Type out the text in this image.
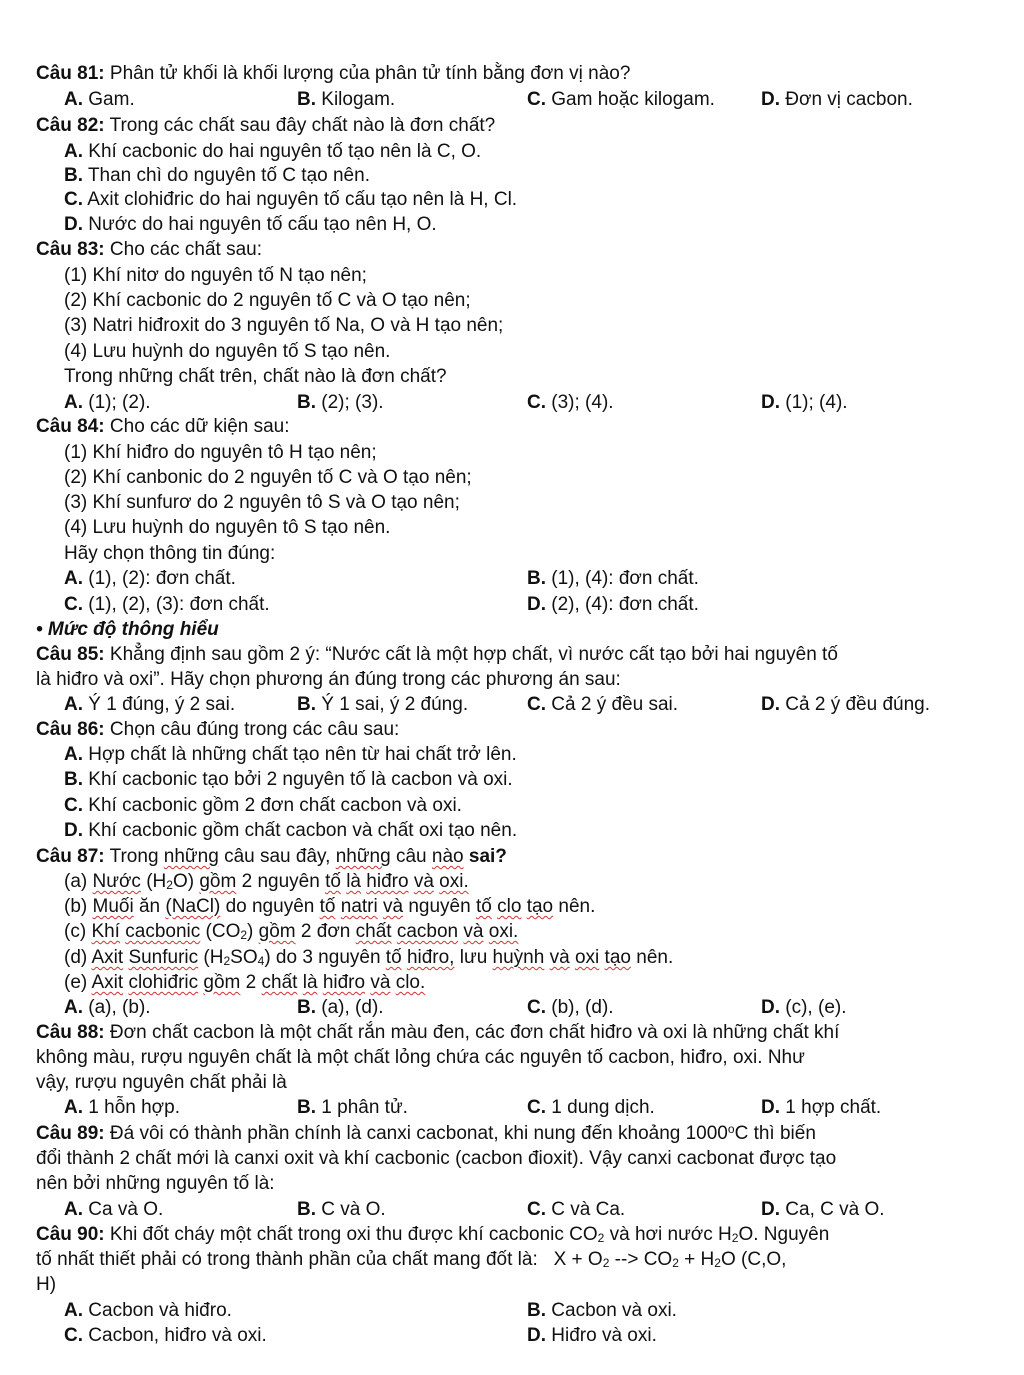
Câu 81: Phân tử khối là khối lượng của phân tử tính bằng đơn vị nào?
A. Gam.	B. Kilogam.	C. Gam hoặc kilogam. D. Đơn vị cacbon.
Câu 82: Trong các chất sau đây chất nào là đơn chất?
A. Khí cacbonic do hai nguyên tố tạo nên là C, O.
B. Than chì do nguyên tố C tạo nên.
C. Axit clohiđric do hai nguyên tố cấu tạo nên là H, Cl.
D. Nước do hai nguyên tố cấu tạo nên H, O.
Câu 83: Cho các chất sau:
(1) Khí nitơ do nguyên tố N tạo nên;
(2) Khí cacbonic do 2 nguyên tố C và O tạo nên;
(3) Natri hiđroxit do 3 nguyên tố Na, O và H tạo nên;
(4) Lưu huỳnh do nguyên tố S tạo nên.
Trong những chất trên, chất nào là đơn chất?
A. (1); (2).	B. (2); (3).	C. (3); (4).	D. (1); (4).
Câu 84: Cho các dữ kiện sau:
(1) Khí hiđro do nguyên tô H tạo nên;
(2) Khí canbonic do 2 nguyên tố C và O tạo nên;
(3) Khí sunfurơ do 2 nguyên tô S và O tạo nên;
(4) Lưu huỳnh do nguyên tô S tạo nên.
Hãy chọn thông tin đúng:
A. (1), (2): đơn chất.	B. (1), (4): đơn chất.
C. (1), (2), (3): đơn chất.	D. (2), (4): đơn chất.
• Mức độ thông hiểu
Câu 85: Khẳng định sau gồm 2 ý: “Nước cất là một hợp chất, vì nước cất tạo bởi hai nguyên tố
là hiđro và oxi”. Hãy chọn phương án đúng trong các phương án sau:
A. Ý 1 đúng, ý 2 sai.	B. Ý 1 sai, ý 2 đúng.	C. Cả 2 ý đều sai.	D. Cả 2 ý đều đúng.
Câu 86: Chọn câu đúng trong các câu sau:
A. Hợp chất là những chất tạo nên từ hai chất trở lên.
B. Khí cacbonic tạo bởi 2 nguyên tố là cacbon và oxi.
C. Khí cacbonic gồm 2 đơn chất cacbon và oxi.
D. Khí cacbonic gồm chất cacbon và chất oxi tạo nên.
Câu 87: Trong những câu sau đây, những câu nào sai?
(a) Nước $(H_2O)$ gồm 2 nguyên tố là hiđro và oxi.
(b) Muối ăn (NaCl) do nguyên tố natri và nguyên tố clo tạo nên.
(c) Khí cacbonic $(CO_2)$ gồm 2 đơn chất cacbon và oxi.
(d) Axit Sunfuric $(H_2SO_4)$ do 3 nguyên tố hiđro, lưu huỳnh và oxi tạo nên.
(e) Axit clohiđric gồm 2 chất là hiđro và clo.
A. (a), (b).	B. (a), (d).	C. (b), (d).	D. (c), (e).
Câu 88: Đơn chất cacbon là một chất rắn màu đen, các đơn chất hiđro và oxi là những chất khí
không màu, rượu nguyên chất là một chất lỏng chứa các nguyên tố cacbon, hiđro, oxi. Như
vậy, rượu nguyên chất phải là
A. 1 hỗn hợp.	B. 1 phân tử.	C. 1 dung dịch.	D. 1 hợp chất.
Câu 89: Đá vôi có thành phần chính là canxi cacbonat, khi nung đến khoảng 1000$^o$C thì biến
đổi thành 2 chất mới là canxi oxit và khí cacbonic (cacbon đioxit). Vậy canxi cacbonat được tạo
nên bởi những nguyên tố là:
A. Ca và O.	B. C và O.	C. C và Ca.	D. Ca, C và O.
Câu 90: Khi đốt cháy một chất trong oxi thu được khí cacbonic $CO_2$ và hơi nước $H_2O$. Nguyên
tố nhất thiết phải có trong thành phần của chất mang đốt là: $X + O_2$ --> $CO_2 + H_2O$ (C,O,
H)
A. Cacbon và hiđro.	B. Cacbon và oxi.
C. Cacbon, hiđro và oxi.	D. Hiđro và oxi.
